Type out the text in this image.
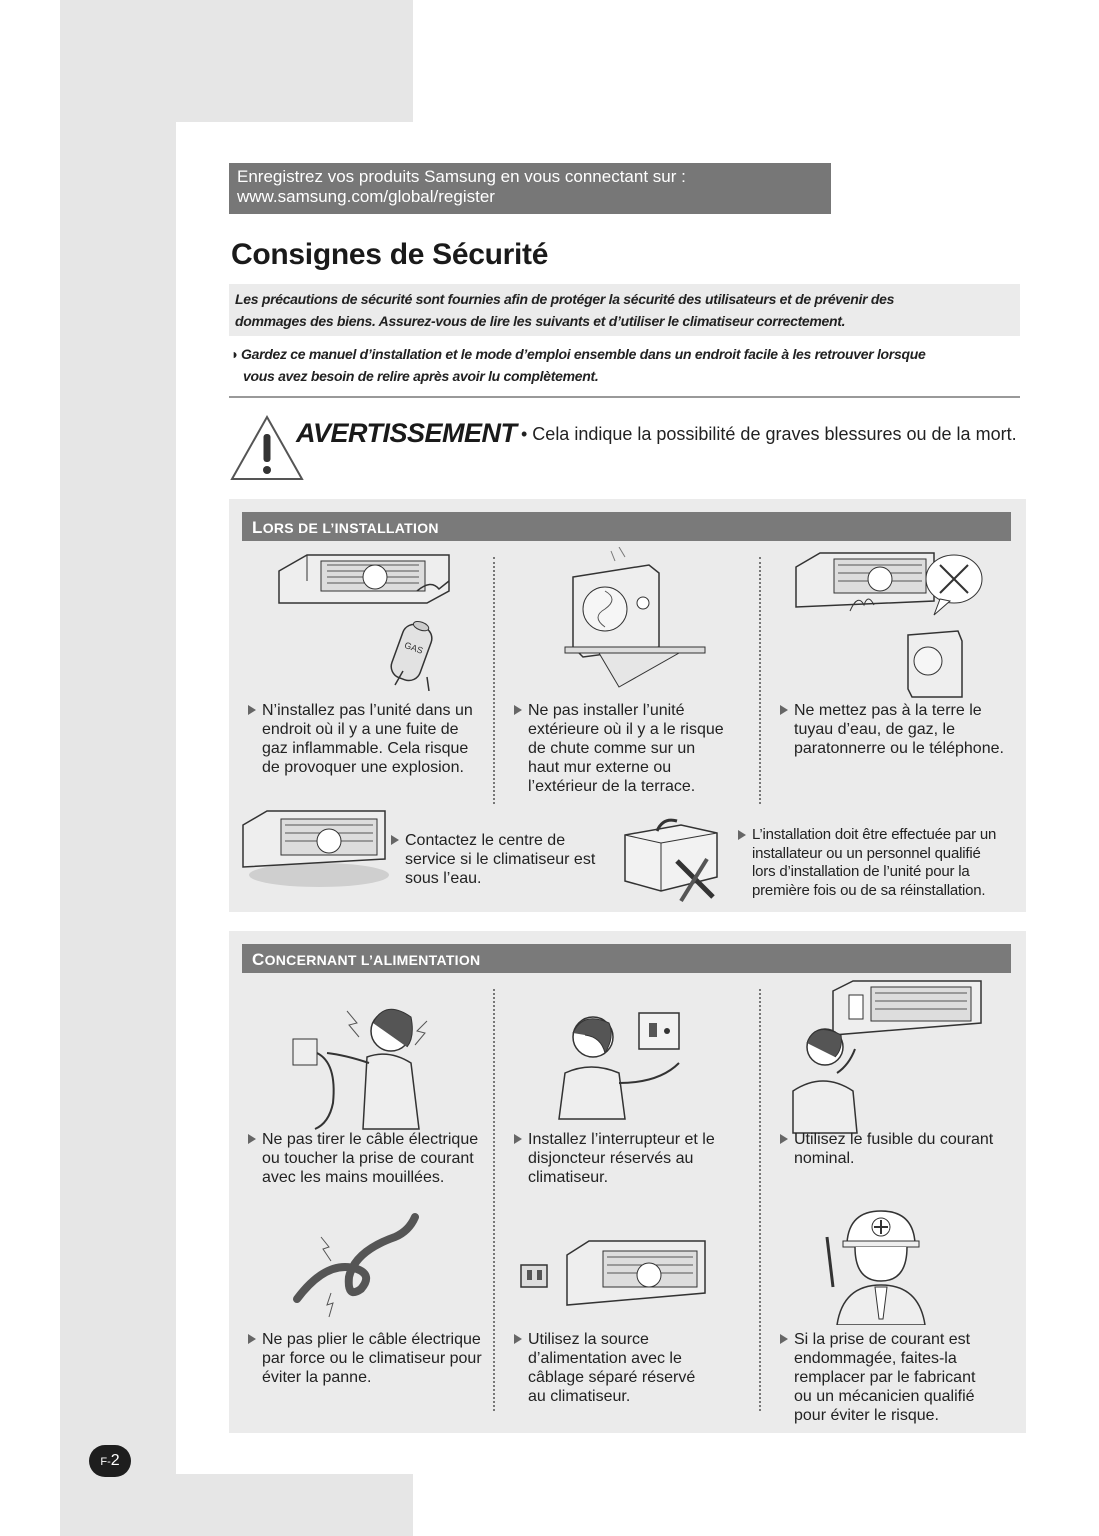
Enregistrez vos produits Samsung en vous connectant sur :
www.samsung.com/global/register
Consignes de Sécurité
Les précautions de sécurité sont fournies afin de protéger la sécurité des utilisateurs et de prévenir des
dommages des biens. Assurez-vous de lire les suivants et d’utiliser le climatiseur correctement.
◗ Gardez ce manuel d’installation et le mode d’emploi ensemble dans un endroit facile à les retrouver lorsque
vous avez besoin de relire après avoir lu complètement.
AVERTISSEMENT • Cela indique la possibilité de graves blessures ou de la mort.
LORS DE L’INSTALLATION
GAS
N’installez pas l’unité dans un
endroit où il y a une fuite de
gaz inflammable. Cela risque
de provoquer une explosion.
Ne pas installer l’unité
extérieure où il y a le risque
de chute comme sur un
haut mur externe ou
l’extérieur de la terrace.
Ne mettez pas à la terre le
tuyau d’eau, de gaz, le
paratonnerre ou le téléphone.
Contactez le centre de
service si le climatiseur est
sous l’eau.
L’installation doit être effectuée par un
installateur ou un personnel qualifié
lors d’installation de l’unité pour la
première fois ou de sa réinstallation.
CONCERNANT L’ALIMENTATION
Ne pas tirer le câble électrique
ou toucher la prise de courant
avec les mains mouillées.
Installez l’interrupteur et le
disjoncteur réservés au
climatiseur.
Utilisez le fusible du courant
nominal.
Ne pas plier le câble électrique
par force ou le climatiseur pour
éviter la panne.
Utilisez la source
d’alimentation avec le
câblage séparé réservé
au climatiseur.
Si la prise de courant est
endommagée, faites-la
remplacer par le fabricant
ou un mécanicien qualifié
pour éviter le risque.
F-2
